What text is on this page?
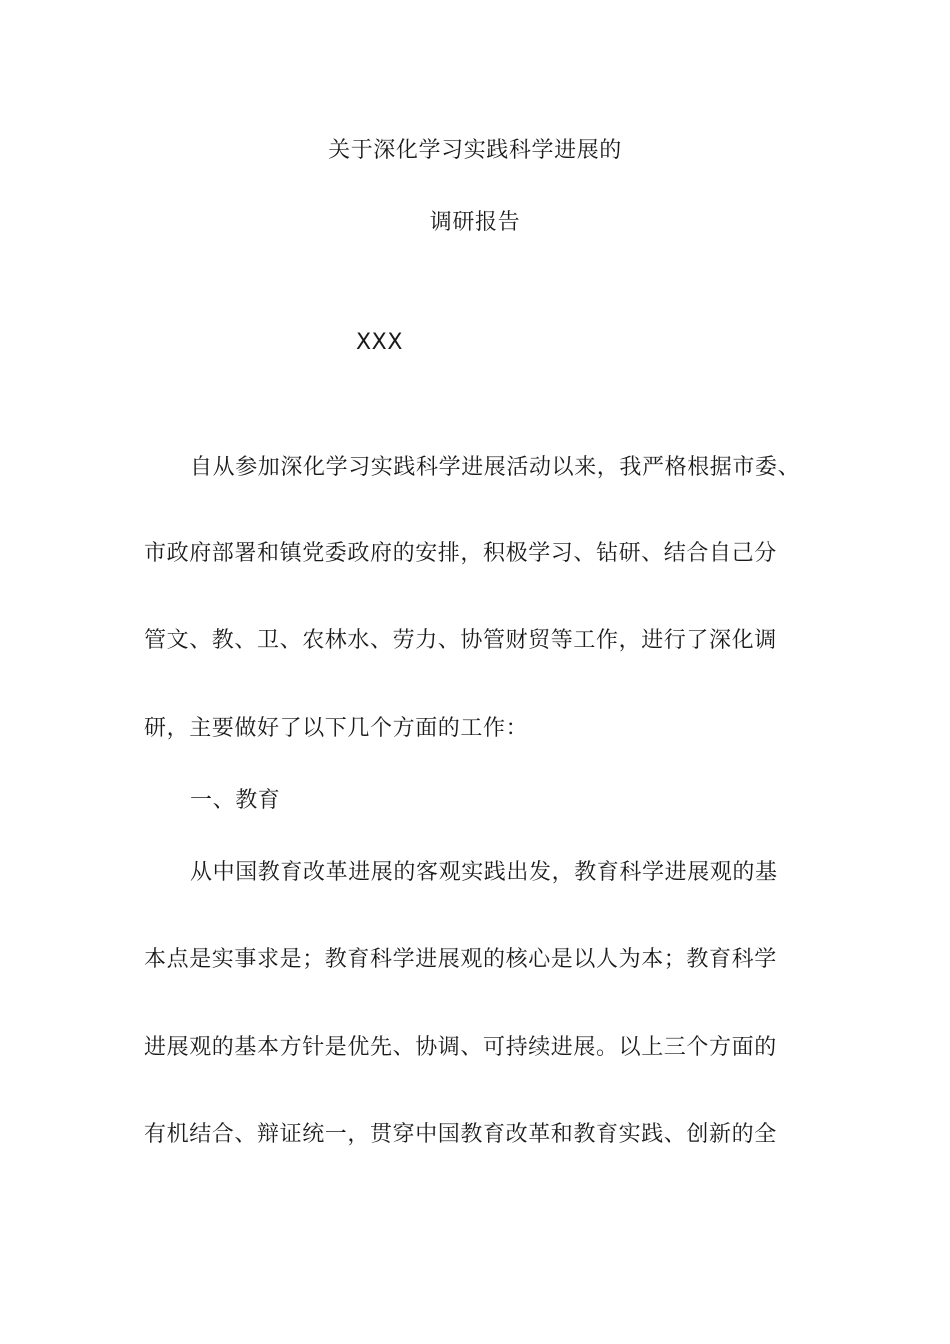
关于深化学习实践科学进展的
调研报告
XXX
自从参加深化学习实践科学进展活动以来，我严格根据市委、
市政府部署和镇党委政府的安排，积极学习、钻研、结合自己分
管文、教、卫、农林水、劳力、协管财贸等工作，进行了深化调
研，主要做好了以下几个方面的工作：
一、教育
从中国教育改革进展的客观实践出发，教育科学进展观的基
本点是实事求是；教育科学进展观的核心是以人为本；教育科学
进展观的基本方针是优先、协调、可持续进展。以上三个方面的
有机结合、辩证统一，贯穿中国教育改革和教育实践、创新的全
